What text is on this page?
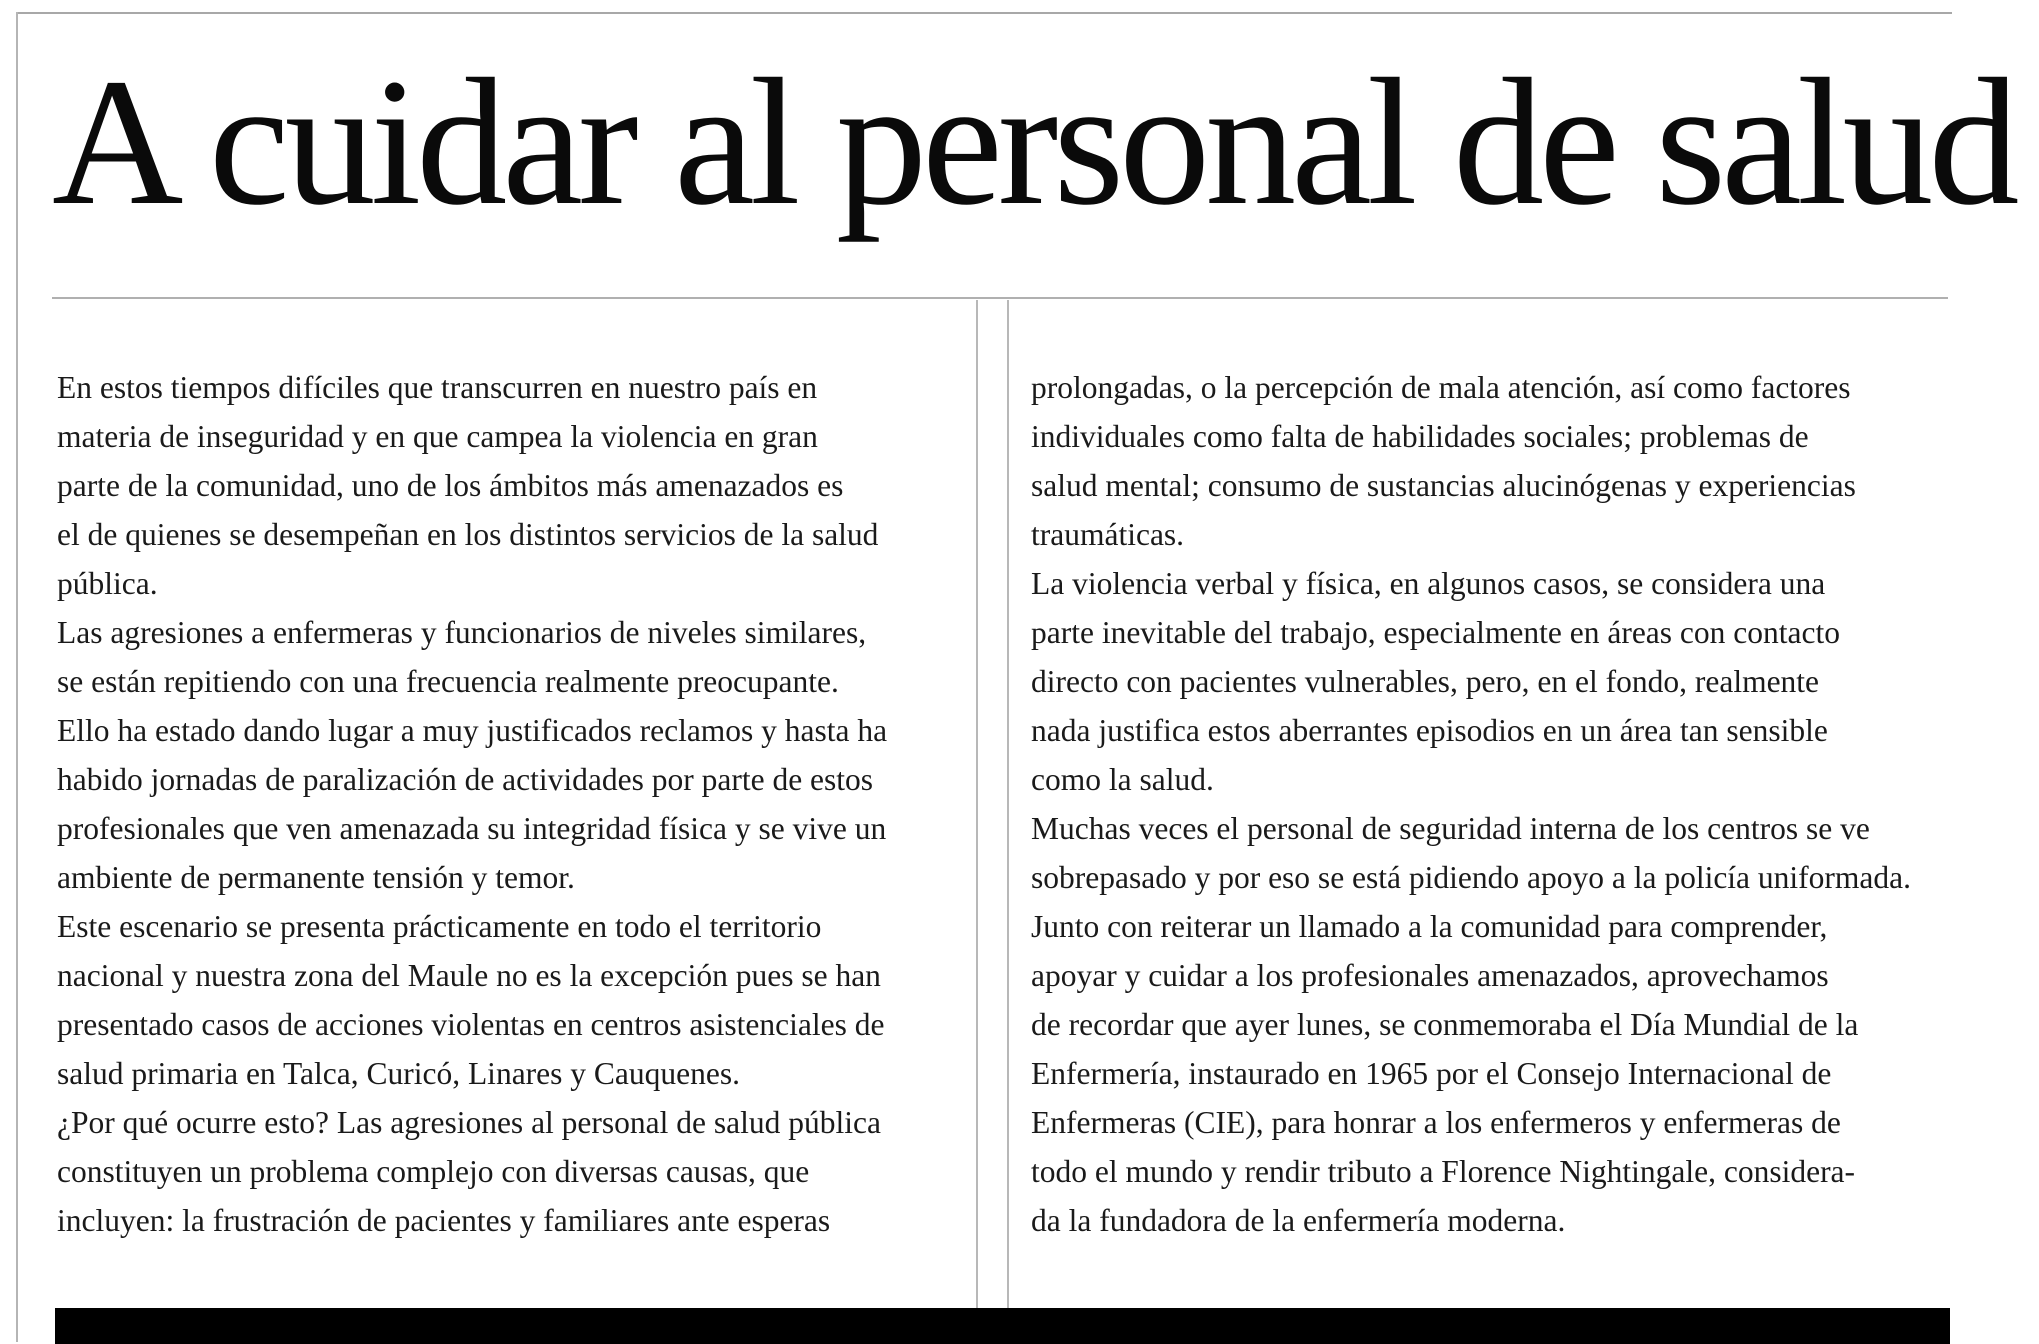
A cuidar al personal de salud
En estos tiempos difíciles que transcurren en nuestro país en
materia de inseguridad y en que campea la violencia en gran
parte de la comunidad, uno de los ámbitos más amenazados es
el de quienes se desempeñan en los distintos servicios de la salud
pública.
Las agresiones a enfermeras y funcionarios de niveles similares,
se están repitiendo con una frecuencia realmente preocupante.
Ello ha estado dando lugar a muy justificados reclamos y hasta ha
habido jornadas de paralización de actividades por parte de estos
profesionales que ven amenazada su integridad física y se vive un
ambiente de permanente tensión y temor.
Este escenario se presenta prácticamente en todo el territorio
nacional y nuestra zona del Maule no es la excepción pues se han
presentado casos de acciones violentas en centros asistenciales de
salud primaria en Talca, Curicó, Linares y Cauquenes.
¿Por qué ocurre esto? Las agresiones al personal de salud pública
constituyen un problema complejo con diversas causas, que
incluyen: la frustración de pacientes y familiares ante esperas
prolongadas, o la percepción de mala atención, así como factores
individuales como falta de habilidades sociales; problemas de
salud mental; consumo de sustancias alucinógenas y experiencias
traumáticas.
La violencia verbal y física, en algunos casos, se considera una
parte inevitable del trabajo, especialmente en áreas con contacto
directo con pacientes vulnerables, pero, en el fondo, realmente
nada justifica estos aberrantes episodios en un área tan sensible
como la salud.
Muchas veces el personal de seguridad interna de los centros se ve
sobrepasado y por eso se está pidiendo apoyo a la policía uniformada.
Junto con reiterar un llamado a la comunidad para comprender,
apoyar y cuidar a los profesionales amenazados, aprovechamos
de recordar que ayer lunes, se conmemoraba el Día Mundial de la
Enfermería, instaurado en 1965 por el Consejo Internacional de
Enfermeras (CIE), para honrar a los enfermeros y enfermeras de
todo el mundo y rendir tributo a Florence Nightingale, considera-
da la fundadora de la enfermería moderna.
